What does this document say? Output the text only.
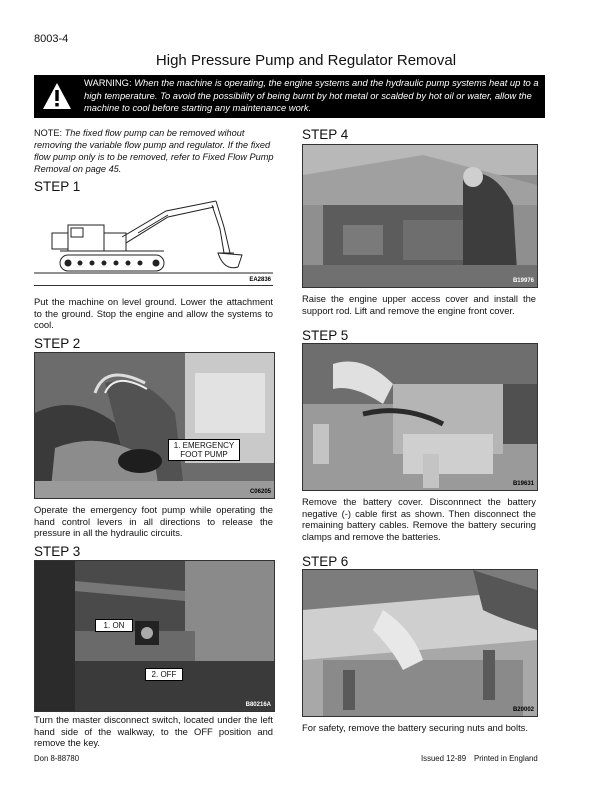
8003-4
High Pressure Pump and Regulator Removal
WARNING: When the machine is operating, the engine systems and the hydraulic pump systems heat up to a high temperature. To avoid the possibility of being burnt by hot metal or scalded by hot oil or water, allow the machine to cool before starting any maintenance work.
NOTE: The fixed flow pump can be removed wihout removing the variable flow pump and regulator. If the fixed flow pump only is to be removed, refer to Fixed Flow Pump Removal on page 45.
STEP 1
EA2836
Put the machine on level ground. Lower the attachment to the ground. Stop the engine and allow the systems to cool.
STEP 2
1. EMERGENCY FOOT PUMP
C06205
Operate the emergency foot pump while operating the hand control levers in all directions to release the pressure in all the hydraulic circuits.
STEP 3
1. ON
2. OFF
B80216A
Turn the master disconnect switch, located under the left hand side of the walkway, to the OFF position and remove the key.
STEP 4
B19976
Raise the engine upper access cover and install the support rod. Lift and remove the engine front cover.
STEP 5
B19631
Remove the battery cover. Disconnnect the battery negative (-) cable first as shown. Then disconnect the remaining battery cables. Remove the battery securing clamps and remove the batteries.
STEP 6
B20002
For safety, remove the battery securing nuts and bolts.
Don 8-88780	Issued 12-89 Printed in England
